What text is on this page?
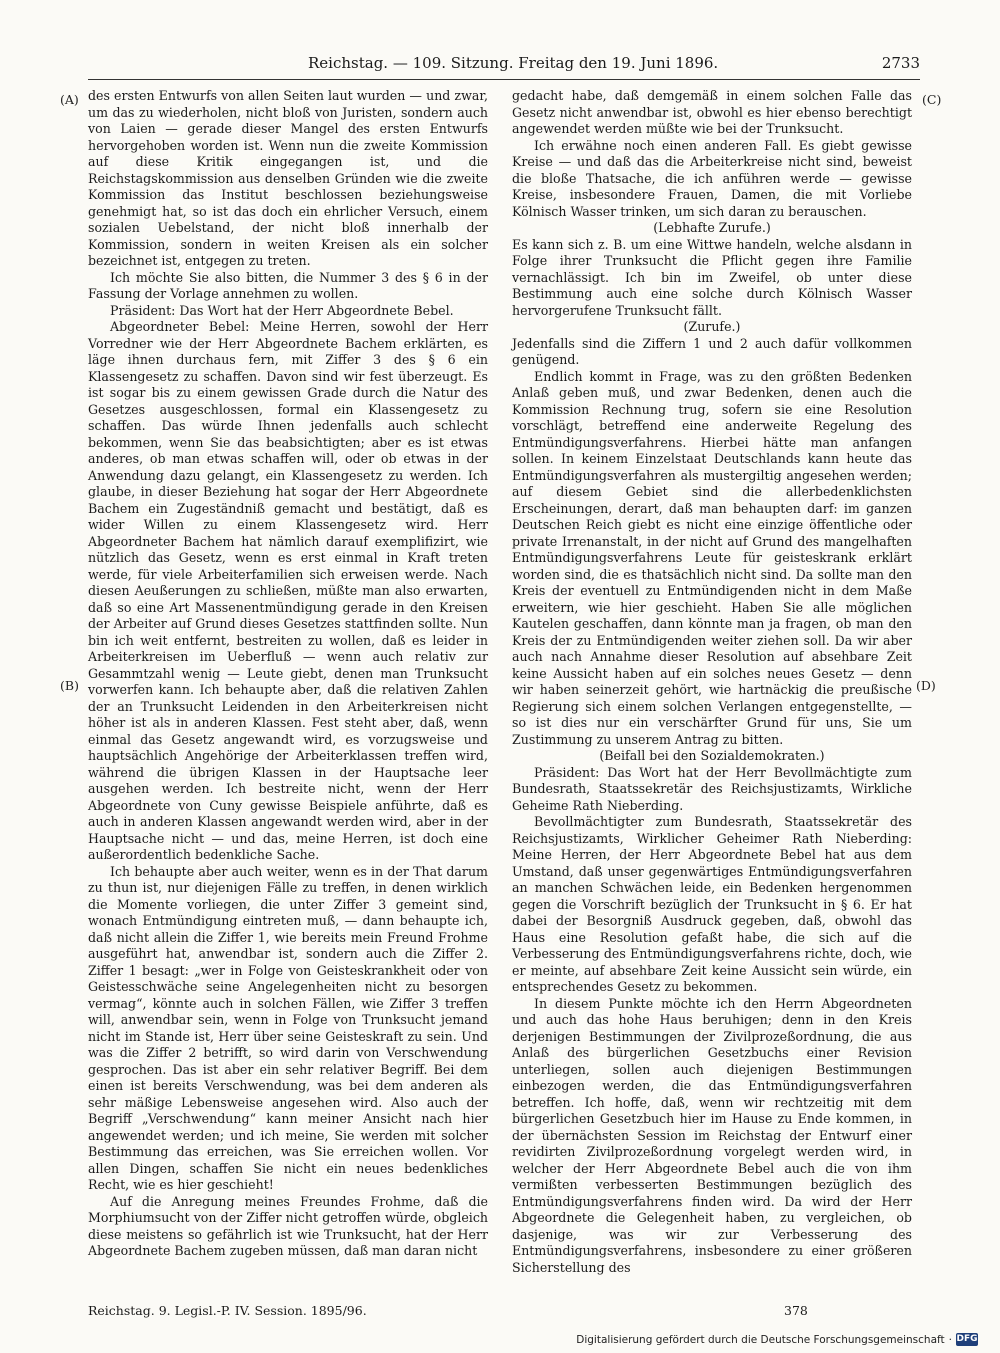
Reichstag. — 109. Sitzung. Freitag den 19. Juni 1896.	2733
(A)
(B)
(C)
(D)

des ersten Entwurfs von allen Seiten laut wurden — und zwar, um das zu wiederholen, nicht bloß von Juristen, sondern auch von Laien — gerade dieser Mangel des ersten Entwurfs hervorgehoben worden ist. Wenn nun die zweite Kommission auf diese Kritik eingegangen ist, und die Reichstagskommission aus denselben Gründen wie die zweite Kommission das Institut beschlossen beziehungsweise genehmigt hat, so ist das doch ein ehrlicher Versuch, einem sozialen Uebelstand, der nicht bloß innerhalb der Kommission, sondern in weiten Kreisen als ein solcher bezeichnet ist, entgegen zu treten.

Ich möchte Sie also bitten, die Nummer 3 des § 6 in der Fassung der Vorlage annehmen zu wollen.

Präsident: Das Wort hat der Herr Abgeordnete Bebel.

Abgeordneter Bebel: Meine Herren, sowohl der Herr Vorredner wie der Herr Abgeordnete Bachem erklärten, es läge ihnen durchaus fern, mit Ziffer 3 des § 6 ein Klassengesetz zu schaffen. Davon sind wir fest überzeugt. Es ist sogar bis zu einem gewissen Grade durch die Natur des Gesetzes ausgeschlossen, formal ein Klassengesetz zu schaffen. Das würde Ihnen jedenfalls auch schlecht bekommen, wenn Sie das beabsichtigten; aber es ist etwas anderes, ob man etwas schaffen will, oder ob etwas in der Anwendung dazu gelangt, ein Klassengesetz zu werden. Ich glaube, in dieser Beziehung hat sogar der Herr Abgeordnete Bachem ein Zugeständniß gemacht und bestätigt, daß es wider Willen zu einem Klassengesetz wird. Herr Abgeordneter Bachem hat nämlich darauf exemplifizirt, wie nützlich das Gesetz, wenn es erst einmal in Kraft treten werde, für viele Arbeiterfamilien sich erweisen werde. Nach diesen Aeußerungen zu schließen, müßte man also erwarten, daß so eine Art Massenentmündigung gerade in den Kreisen der Arbeiter auf Grund dieses Gesetzes stattfinden sollte. Nun bin ich weit entfernt, bestreiten zu wollen, daß es leider in Arbeiterkreisen im Ueberfluß — wenn auch relativ zur Gesammtzahl wenig — Leute giebt, denen man Trunksucht vorwerfen kann. Ich behaupte aber, daß die relativen Zahlen der an Trunksucht Leidenden in den Arbeiterkreisen nicht höher ist als in anderen Klassen. Fest steht aber, daß, wenn einmal das Gesetz angewandt wird, es vorzugsweise und hauptsächlich Angehörige der Arbeiterklassen treffen wird, während die übrigen Klassen in der Hauptsache leer ausgehen werden. Ich bestreite nicht, wenn der Herr Abgeordnete von Cuny gewisse Beispiele anführte, daß es auch in anderen Klassen angewandt werden wird, aber in der Hauptsache nicht — und das, meine Herren, ist doch eine außerordentlich bedenkliche Sache.

Ich behaupte aber auch weiter, wenn es in der That darum zu thun ist, nur diejenigen Fälle zu treffen, in denen wirklich die Momente vorliegen, die unter Ziffer 3 gemeint sind, wonach Entmündigung eintreten muß, — dann behaupte ich, daß nicht allein die Ziffer 1, wie bereits mein Freund Frohme ausgeführt hat, anwendbar ist, sondern auch die Ziffer 2. Ziffer 1 besagt: „wer in Folge von Geisteskrankheit oder von Geistesschwäche seine Angelegenheiten nicht zu besorgen vermag“, könnte auch in solchen Fällen, wie Ziffer 3 treffen will, anwendbar sein, wenn in Folge von Trunksucht jemand nicht im Stande ist, Herr über seine Geisteskraft zu sein. Und was die Ziffer 2 betrifft, so wird darin von Verschwendung gesprochen. Das ist aber ein sehr relativer Begriff. Bei dem einen ist bereits Verschwendung, was bei dem anderen als sehr mäßige Lebensweise angesehen wird. Also auch der Begriff „Verschwendung“ kann meiner Ansicht nach hier angewendet werden; und ich meine, Sie werden mit solcher Bestimmung das erreichen, was Sie erreichen wollen. Vor allen Dingen, schaffen Sie nicht ein neues bedenkliches Recht, wie es hier geschieht!

Auf die Anregung meines Freundes Frohme, daß die Morphiumsucht von der Ziffer nicht getroffen würde, obgleich diese meistens so gefährlich ist wie Trunksucht, hat der Herr Abgeordnete Bachem zugeben müssen, daß man daran nicht

gedacht habe, daß demgemäß in einem solchen Falle das Gesetz nicht anwendbar ist, obwohl es hier ebenso berechtigt angewendet werden müßte wie bei der Trunksucht.

Ich erwähne noch einen anderen Fall. Es giebt gewisse Kreise — und daß das die Arbeiterkreise nicht sind, beweist die bloße Thatsache, die ich anführen werde — gewisse Kreise, insbesondere Frauen, Damen, die mit Vorliebe Kölnisch Wasser trinken, um sich daran zu berauschen.

(Lebhafte Zurufe.)

Es kann sich z. B. um eine Wittwe handeln, welche alsdann in Folge ihrer Trunksucht die Pflicht gegen ihre Familie vernachlässigt. Ich bin im Zweifel, ob unter diese Bestimmung auch eine solche durch Kölnisch Wasser hervorgerufene Trunksucht fällt.

(Zurufe.)

Jedenfalls sind die Ziffern 1 und 2 auch dafür vollkommen genügend.

Endlich kommt in Frage, was zu den größten Bedenken Anlaß geben muß, und zwar Bedenken, denen auch die Kommission Rechnung trug, sofern sie eine Resolution vorschlägt, betreffend eine anderweite Regelung des Entmündigungsverfahrens. Hierbei hätte man anfangen sollen. In keinem Einzelstaat Deutschlands kann heute das Entmündigungsverfahren als mustergiltig angesehen werden; auf diesem Gebiet sind die allerbedenklichsten Erscheinungen, derart, daß man behaupten darf: im ganzen Deutschen Reich giebt es nicht eine einzige öffentliche oder private Irrenanstalt, in der nicht auf Grund des mangelhaften Entmündigungsverfahrens Leute für geisteskrank erklärt worden sind, die es thatsächlich nicht sind. Da sollte man den Kreis der eventuell zu Entmündigenden nicht in dem Maße erweitern, wie hier geschieht. Haben Sie alle möglichen Kautelen geschaffen, dann könnte man ja fragen, ob man den Kreis der zu Entmündigenden weiter ziehen soll. Da wir aber auch nach Annahme dieser Resolution auf absehbare Zeit keine Aussicht haben auf ein solches neues Gesetz — denn wir haben seinerzeit gehört, wie hartnäckig die preußische Regierung sich einem solchen Verlangen entgegenstellte, — so ist dies nur ein verschärfter Grund für uns, Sie um Zustimmung zu unserem Antrag zu bitten.

(Beifall bei den Sozialdemokraten.)

Präsident: Das Wort hat der Herr Bevollmächtigte zum Bundesrath, Staatssekretär des Reichsjustizamts, Wirkliche Geheime Rath Nieberding.

Bevollmächtigter zum Bundesrath, Staatssekretär des Reichsjustizamts, Wirklicher Geheimer Rath Nieberding: Meine Herren, der Herr Abgeordnete Bebel hat aus dem Umstand, daß unser gegenwärtiges Entmündigungsverfahren an manchen Schwächen leide, ein Bedenken hergenommen gegen die Vorschrift bezüglich der Trunksucht in § 6. Er hat dabei der Besorgniß Ausdruck gegeben, daß, obwohl das Haus eine Resolution gefaßt habe, die sich auf die Verbesserung des Entmündigungsverfahrens richte, doch, wie er meinte, auf absehbare Zeit keine Aussicht sein würde, ein entsprechendes Gesetz zu bekommen.

In diesem Punkte möchte ich den Herrn Abgeordneten und auch das hohe Haus beruhigen; denn in den Kreis derjenigen Bestimmungen der Zivilprozeßordnung, die aus Anlaß des bürgerlichen Gesetzbuchs einer Revision unterliegen, sollen auch diejenigen Bestimmungen einbezogen werden, die das Entmündigungsverfahren betreffen. Ich hoffe, daß, wenn wir rechtzeitig mit dem bürgerlichen Gesetzbuch hier im Hause zu Ende kommen, in der übernächsten Session im Reichstag der Entwurf einer revidirten Zivilprozeßordnung vorgelegt werden wird, in welcher der Herr Abgeordnete Bebel auch die von ihm vermißten verbesserten Bestimmungen bezüglich des Entmündigungsverfahrens finden wird. Da wird der Herr Abgeordnete die Gelegenheit haben, zu vergleichen, ob dasjenige, was wir zur Verbesserung des Entmündigungsverfahrens, insbesondere zu einer größeren Sicherstellung des

Reichstag. 9. Legisl.-P. IV. Session. 1895/96.	378
Digitalisierung gefördert durch die Deutsche Forschungsgemeinschaft · DFG
